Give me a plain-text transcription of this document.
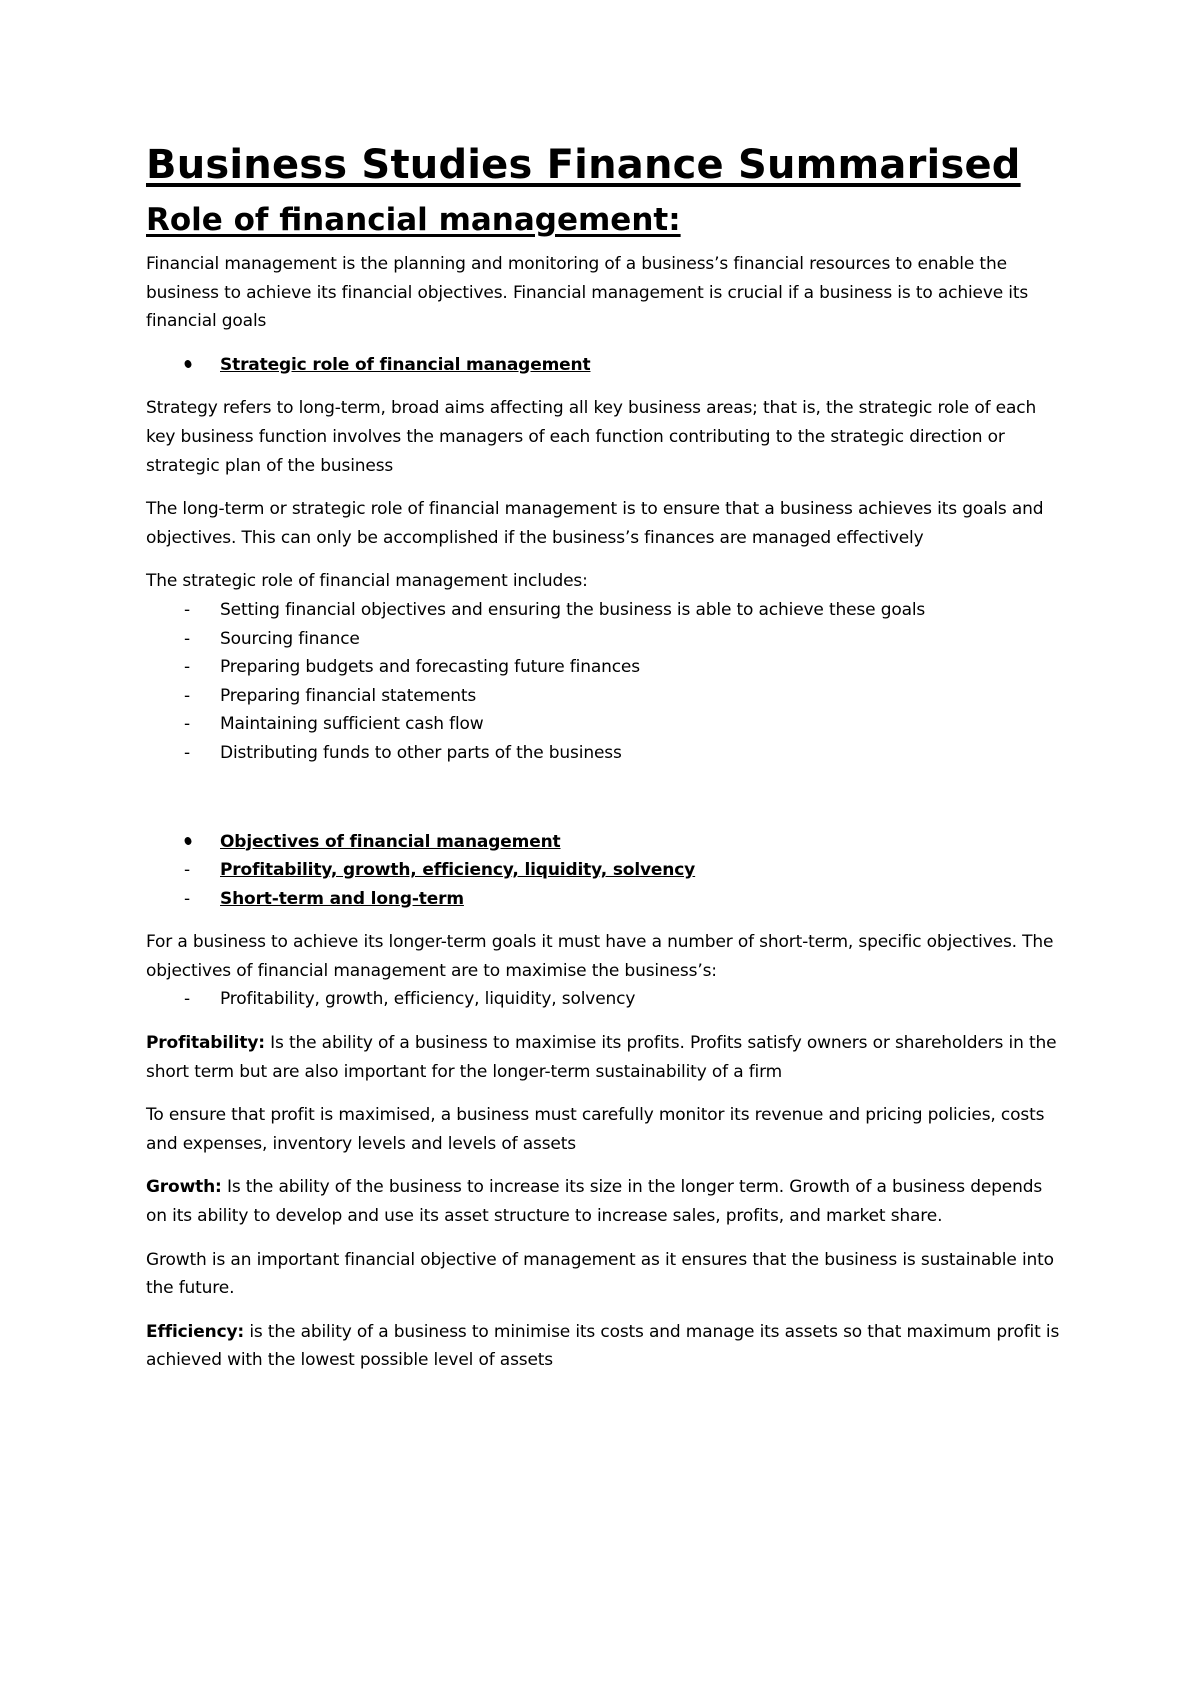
Business Studies Finance Summarised
Role of financial management:

Financial management is the planning and monitoring of a business’s financial resources to enable the business to achieve its financial objectives. Financial management is crucial if a business is to achieve its financial goals

Strategic role of financial management

Strategy refers to long-term, broad aims affecting all key business areas; that is, the strategic role of each key business function involves the managers of each function contributing to the strategic direction or strategic plan of the business

The long-term or strategic role of financial management is to ensure that a business achieves its goals and objectives. This can only be accomplished if the business’s finances are managed effectively

The strategic role of financial management includes:

- Setting financial objectives and ensuring the business is able to achieve these goals
- Sourcing finance
- Preparing budgets and forecasting future finances
- Preparing financial statements
- Maintaining sufficient cash flow
- Distributing funds to other parts of the business
Objectives of financial management
- Profitability, growth, efficiency, liquidity, solvency
- Short-term and long-term

For a business to achieve its longer-term goals it must have a number of short-term, specific objectives. The objectives of financial management are to maximise the business’s:

- Profitability, growth, efficiency, liquidity, solvency

Profitability: Is the ability of a business to maximise its profits. Profits satisfy owners or shareholders in the short term but are also important for the longer-term sustainability of a firm

To ensure that profit is maximised, a business must carefully monitor its revenue and pricing policies, costs and expenses, inventory levels and levels of assets

Growth: Is the ability of the business to increase its size in the longer term. Growth of a business depends on its ability to develop and use its asset structure to increase sales, profits, and market share.

Growth is an important financial objective of management as it ensures that the business is sustainable into the future.

Efficiency: is the ability of a business to minimise its costs and manage its assets so that maximum profit is achieved with the lowest possible level of assets
